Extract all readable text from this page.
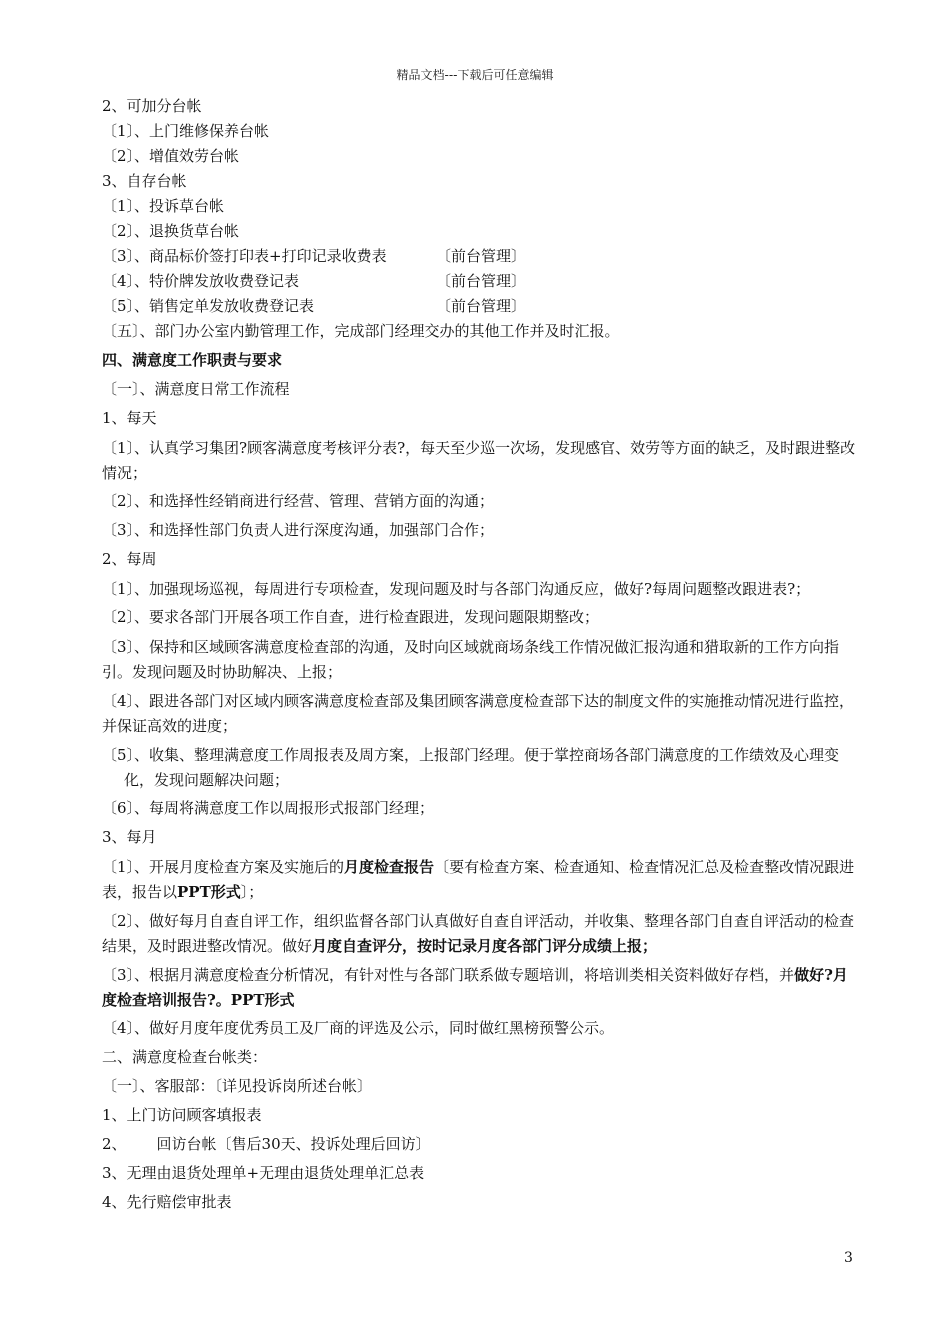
精品文档---下载后可任意编辑
2、可加分台帐
〔1〕、上门维修保养台帐
〔2〕、增值效劳台帐
3、自存台帐
〔1〕、投诉草台帐
〔2〕、退换货草台帐
〔3〕、商品标价签打印表+打印记录收费表	〔前台管理〕
〔4〕、特价牌发放收费登记表	〔前台管理〕
〔5〕、销售定单发放收费登记表	〔前台管理〕
〔五〕、部门办公室内勤管理工作，完成部门经理交办的其他工作并及时汇报。
四、满意度工作职责与要求
〔一〕、满意度日常工作流程
1、每天
〔1〕、认真学习集团?顾客满意度考核评分表?，每天至少巡一次场，发现感官、效劳等方面的缺乏，及时跟进整改情况；
〔2〕、和选择性经销商进行经营、管理、营销方面的沟通；
〔3〕、和选择性部门负责人进行深度沟通，加强部门合作；
2、每周
〔1〕、加强现场巡视，每周进行专项检查，发现问题及时与各部门沟通反应，做好?每周问题整改跟进表?；
〔2〕、要求各部门开展各项工作自查，进行检查跟进，发现问题限期整改；
〔3〕、保持和区域顾客满意度检查部的沟通，及时向区域就商场条线工作情况做汇报沟通和猎取新的工作方向指引。发现问题及时协助解决、上报；
〔4〕、跟进各部门对区域内顾客满意度检查部及集团顾客满意度检查部下达的制度文件的实施推动情况进行监控，并保证高效的进度；
〔5〕、收集、整理满意度工作周报表及周方案，上报部门经理。便于掌控商场各部门满意度的工作绩效及心理变化，发现问题解决问题；
〔6〕、每周将满意度工作以周报形式报部门经理；
3、每月
〔1〕、开展月度检查方案及实施后的月度检查报告〔要有检查方案、检查通知、检查情况汇总及检查整改情况跟进表，报告以PPT形式〕；
〔2〕、做好每月自查自评工作，组织监督各部门认真做好自查自评活动，并收集、整理各部门自查自评活动的检查结果，及时跟进整改情况。做好月度自查评分，按时记录月度各部门评分成绩上报；
〔3〕、根据月满意度检查分析情况，有针对性与各部门联系做专题培训，将培训类相关资料做好存档，并做好?月度检查培训报告?。PPT形式
〔4〕、做好月度年度优秀员工及厂商的评选及公示，同时做红黑榜预警公示。
二、满意度检查台帐类：
〔一〕、客服部：〔详见投诉岗所述台帐〕
1、上门访问顾客填报表
2、 回访台帐〔售后30天、投诉处理后回访〕
3、无理由退货处理单+无理由退货处理单汇总表
4、先行赔偿审批表
3
